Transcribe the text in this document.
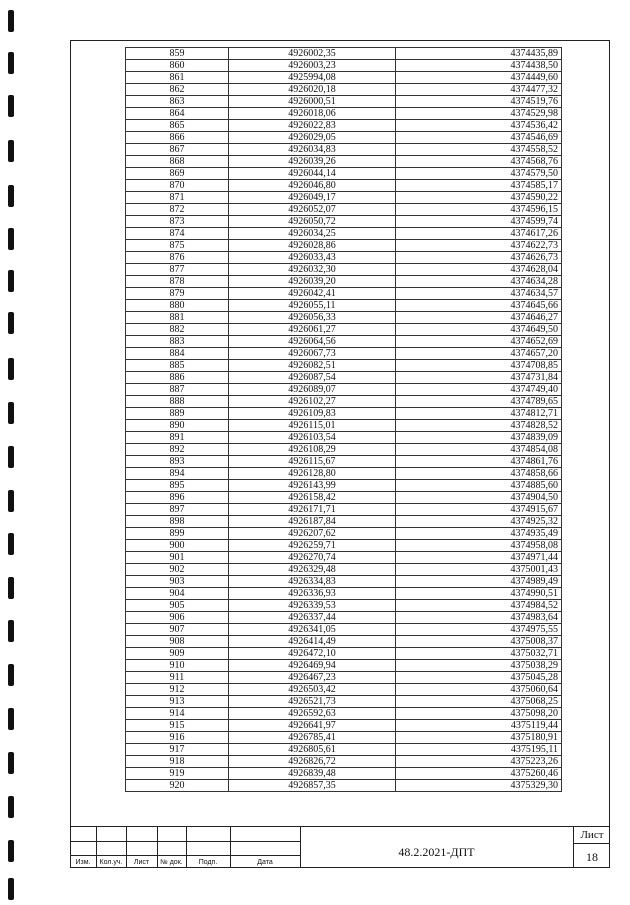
859	4926002,35	4374435,89
860	4926003,23	4374438,50
861	4925994,08	4374449,60
862	4926020,18	4374477,32
863	4926000,51	4374519,76
864	4926018,06	4374529,98
865	4926022,83	4374536,42
866	4926029,05	4374546,69
867	4926034,83	4374558,52
868	4926039,26	4374568,76
869	4926044,14	4374579,50
870	4926046,80	4374585,17
871	4926049,17	4374590,22
872	4926052,07	4374596,15
873	4926050,72	4374599,74
874	4926034,25	4374617,26
875	4926028,86	4374622,73
876	4926033,43	4374626,73
877	4926032,30	4374628,04
878	4926039,20	4374634,28
879	4926042,41	4374634,57
880	4926055,11	4374645,66
881	4926056,33	4374646,27
882	4926061,27	4374649,50
883	4926064,56	4374652,69
884	4926067,73	4374657,20
885	4926082,51	4374708,85
886	4926087,54	4374731,84
887	4926089,07	4374749,40
888	4926102,27	4374789,65
889	4926109,83	4374812,71
890	4926115,01	4374828,52
891	4926103,54	4374839,09
892	4926108,29	4374854,08
893	4926115,67	4374861,76
894	4926128,80	4374858,66
895	4926143,99	4374885,60
896	4926158,42	4374904,50
897	4926171,71	4374915,67
898	4926187,84	4374925,32
899	4926207,62	4374935,49
900	4926259,71	4374958,08
901	4926270,74	4374971,44
902	4926329,48	4375001,43
903	4926334,83	4374989,49
904	4926336,93	4374990,51
905	4926339,53	4374984,52
906	4926337,44	4374983,64
907	4926341,05	4374975,55
908	4926414,49	4375008,37
909	4926472,10	4375032,71
910	4926469,94	4375038,29
911	4926467,23	4375045,28
912	4926503,42	4375060,64
913	4926521,73	4375068,25
914	4926592,63	4375098,20
915	4926641,97	4375119,44
916	4926785,41	4375180,91
917	4926805,61	4375195,11
918	4926826,72	4375223,26
919	4926839,48	4375260,46
920	4926857,35	4375329,30
Изм.	Кол.уч.	Лист	№ док.	Подп.	Дата
48.2.2021-ДПТ
Лист
18
